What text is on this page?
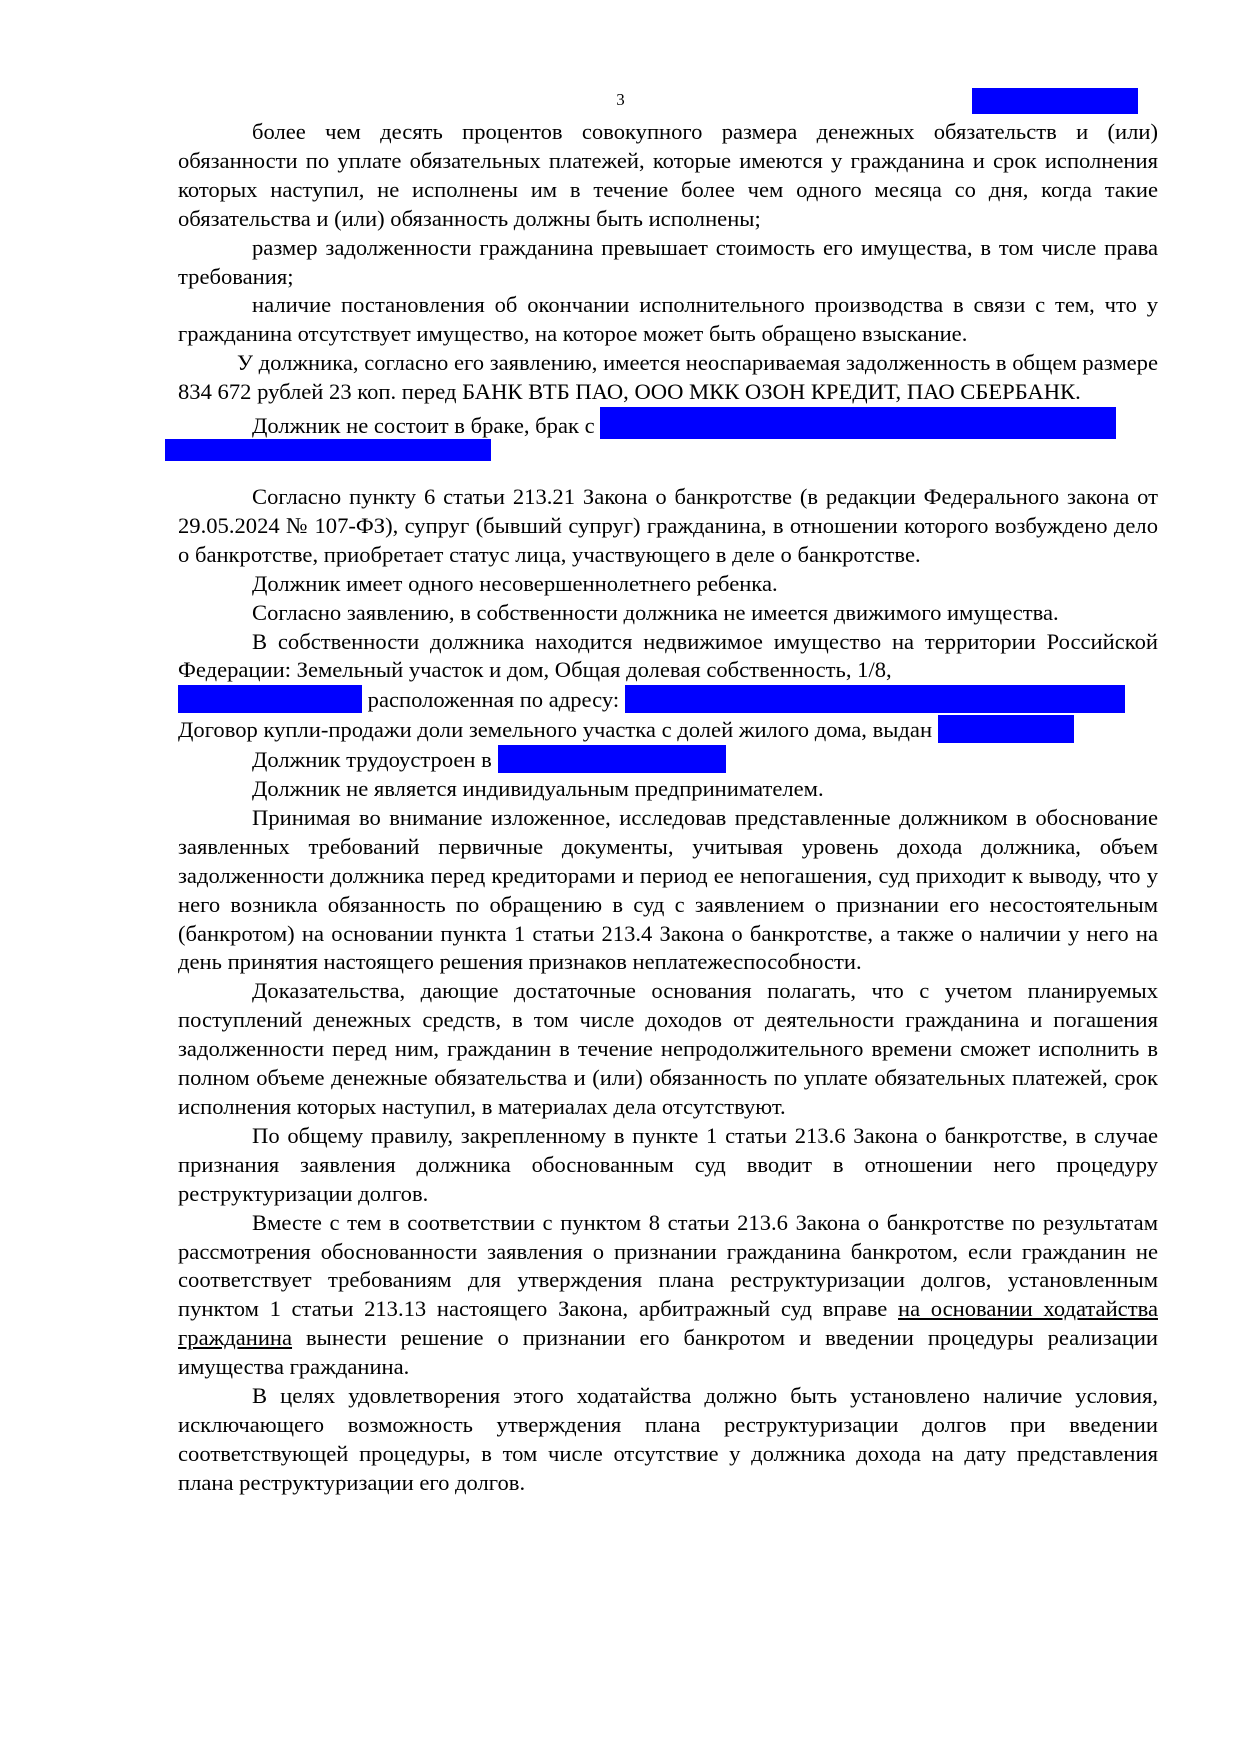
3

более чем десять процентов совокупного размера денежных обязательств и (или) обязанности по уплате обязательных платежей, которые имеются у гражданина и срок исполнения которых наступил, не исполнены им в течение более чем одного месяца со дня, когда такие обязательства и (или) обязанность должны быть исполнены;

размер задолженности гражданина превышает стоимость его имущества, в том числе права требования;

наличие постановления об окончании исполнительного производства в связи с тем, что у гражданина отсутствует имущество, на которое может быть обращено взыскание.

У должника, согласно его заявлению, имеется неоспариваемая задолженность в общем размере 834 672 рублей 23 коп. перед БАНК ВТБ ПАО, ООО МКК ОЗОН КРЕДИТ, ПАО СБЕРБАНК.

Должник не состоит в браке, брак с

Согласно пункту 6 статьи 213.21 Закона о банкротстве (в редакции Федерального закона от 29.05.2024 № 107-ФЗ), супруг (бывший супруг) гражданина, в отношении которого возбуждено дело о банкротстве, приобретает статус лица, участвующего в деле о банкротстве.

Должник имеет одного несовершеннолетнего ребенка.

Согласно заявлению, в собственности должника не имеется движимого имущества.

В собственности должника находится недвижимое имущество на территории Российской Федерации: Земельный участок и дом, Общая долевая собственность, 1/8,

расположенная по адресу:

Договор купли-продажи доли земельного участка с долей жилого дома, выдан

Должник трудоустроен в

Должник не является индивидуальным предпринимателем.

Принимая во внимание изложенное, исследовав представленные должником в обоснование заявленных требований первичные документы, учитывая уровень дохода должника, объем задолженности должника перед кредиторами и период ее непогашения, суд приходит к выводу, что у него возникла обязанность по обращению в суд с заявлением о признании его несостоятельным (банкротом) на основании пункта 1 статьи 213.4 Закона о банкротстве, а также о наличии у него на день принятия настоящего решения признаков неплатежеспособности.

Доказательства, дающие достаточные основания полагать, что с учетом планируемых поступлений денежных средств, в том числе доходов от деятельности гражданина и погашения задолженности перед ним, гражданин в течение непродолжительного времени сможет исполнить в полном объеме денежные обязательства и (или) обязанность по уплате обязательных платежей, срок исполнения которых наступил, в материалах дела отсутствуют.

По общему правилу, закрепленному в пункте 1 статьи 213.6 Закона о банкротстве, в случае признания заявления должника обоснованным суд вводит в отношении него процедуру реструктуризации долгов.

Вместе с тем в соответствии с пунктом 8 статьи 213.6 Закона о банкротстве по результатам рассмотрения обоснованности заявления о признании гражданина банкротом, если гражданин не соответствует требованиям для утверждения плана реструктуризации долгов, установленным пунктом 1 статьи 213.13 настоящего Закона, арбитражный суд вправе на основании ходатайства гражданина вынести решение о признании его банкротом и введении процедуры реализации имущества гражданина.

В целях удовлетворения этого ходатайства должно быть установлено наличие условия, исключающего возможность утверждения плана реструктуризации долгов при введении соответствующей процедуры, в том числе отсутствие у должника дохода на дату представления плана реструктуризации его долгов.
